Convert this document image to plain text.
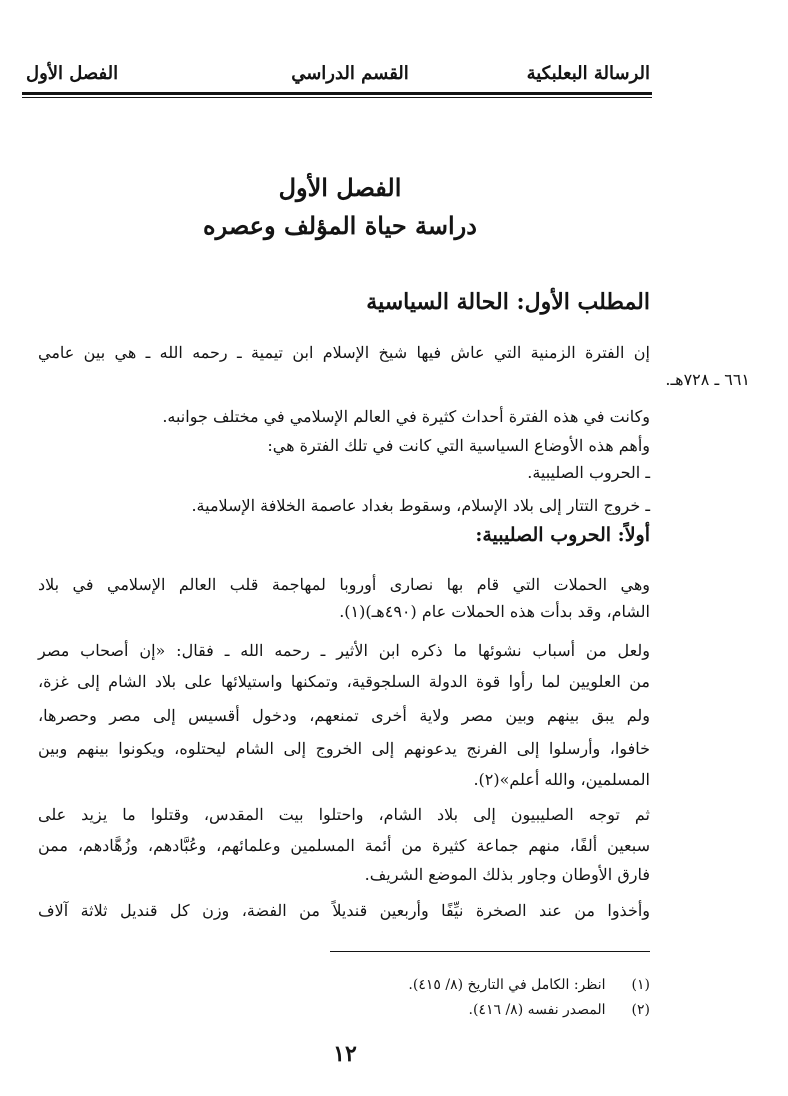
الرسالة البعلبكية
القسم الدراسي
الفصل الأول
الفصل الأول
دراسة حياة المؤلف وعصره
المطلب الأول: الحالة السياسية
إن الفترة الزمنية التي عاش فيها شيخ الإسلام ابن تيمية ـ رحمه الله ـ هي بين عامي
٦٦١ ـ ٧٢٨هـ.
وكانت في هذه الفترة أحداث كثيرة في العالم الإسلامي في مختلف جوانبه.
وأهم هذه الأوضاع السياسية التي كانت في تلك الفترة هي:
ـ الحروب الصليبية.
ـ خروج التتار إلى بلاد الإسلام، وسقوط بغداد عاصمة الخلافة الإسلامية.
أولاً: الحروب الصليبية:
وهي الحملات التي قام بها نصارى أوروبا لمهاجمة قلب العالم الإسلامي في بلاد
الشام، وقد بدأت هذه الحملات عام (٤٩٠هـ)(١).
ولعل من أسباب نشوئها ما ذكره ابن الأثير ـ رحمه الله ـ فقال: «إن أصحاب مصر
من العلويين لما رأوا قوة الدولة السلجوقية، وتمكنها واستيلائها على بلاد الشام إلى غزة،
ولم يبق بينهم وبين مصر ولاية أخرى تمنعهم، ودخول أقسيس إلى مصر وحصرها،
خافوا، وأرسلوا إلى الفرنج يدعونهم إلى الخروج إلى الشام ليحتلوه، ويكونوا بينهم وبين
المسلمين، والله أعلم»(٢).
ثم توجه الصليبيون إلى بلاد الشام، واحتلوا بيت المقدس، وقتلوا ما يزيد على
سبعين ألفًا، منهم جماعة كثيرة من أئمة المسلمين وعلمائهم، وعُبَّادهم، وزُهَّادهم، ممن
فارق الأوطان وجاور بذلك الموضع الشريف.
وأخذوا من عند الصخرة نيِّفًا وأربعين قنديلاً من الفضة، وزن كل قنديل ثلاثة آلاف
(١) انظر: الكامل في التاريخ (٨/ ٤١٥).
(٢) المصدر نفسه (٨/ ٤١٦).
١٢
